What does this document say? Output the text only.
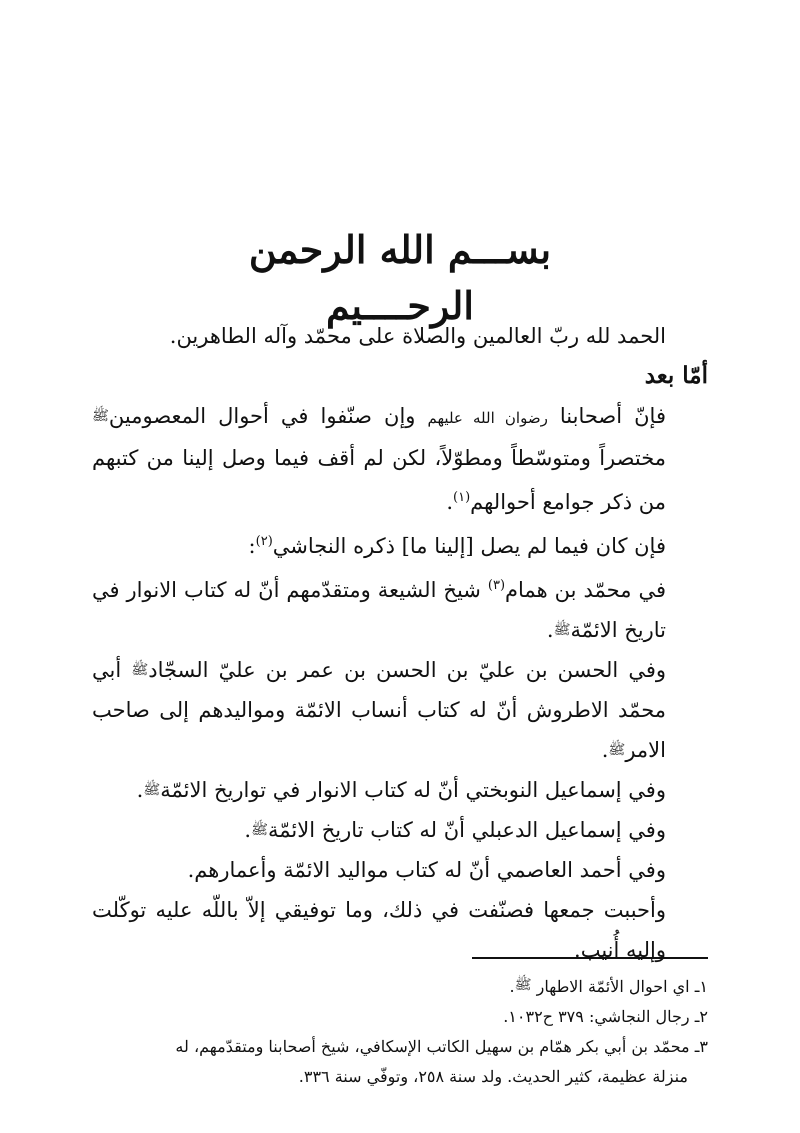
بســـم الله الرحمن الرحــــيم

الحمد لله ربّ العالمين والصلاة على محمّد وآله الطاهرين.

أمّا بعد

فإنّ أصحابنا رضوان الله عليهم وإن صنّفوا في أحوال المعصومينﷺ مختصراً ومتوسّطاً ومطوّلاً، لكن لم أقف فيما وصل إلينا من كتبهم من ذكر جوامع أحوالهم$^{(١)}$.

فإن كان فيما لم يصل [إلينا ما] ذكره النجاشي$^{(٢)}$:

في محمّد بن همام$^{(٣)}$ شيخ الشيعة ومتقدّمهم أنّ له كتاب الانوار في تاريخ الائمّةﷺ.

وفي الحسن بن عليّ بن الحسن بن عمر بن عليّ السجّادﷺ أبي محمّد الاطروش أنّ له كتاب أنساب الائمّة ومواليدهم إلى صاحب الامرﷺ.

وفي إسماعيل النوبختي أنّ له كتاب الانوار في تواريخ الائمّةﷺ.

وفي إسماعيل الدعبلي أنّ له كتاب تاريخ الائمّةﷺ.

وفي أحمد العاصمي أنّ له كتاب مواليد الائمّة وأعمارهم.

وأحببت جمعها فصنّفت في ذلك، وما توفيقي إلاّ باللّه عليه توكّلت وإليه أُنيب.

١ـ اي احوال الأئمّة الاطهار ﷺ.

٢ـ رجال النجاشي: ٣٧٩ ح١٠٣٢.

٣ـ محمّد بن أبي بكر همّام بن سهيل الكاتب الإسكافي، شيخ أصحابنا ومتقدّمهم، له

منزلة عظيمة، كثير الحديث. ولد سنة ٢٥٨، وتوفّي سنة ٣٣٦.
